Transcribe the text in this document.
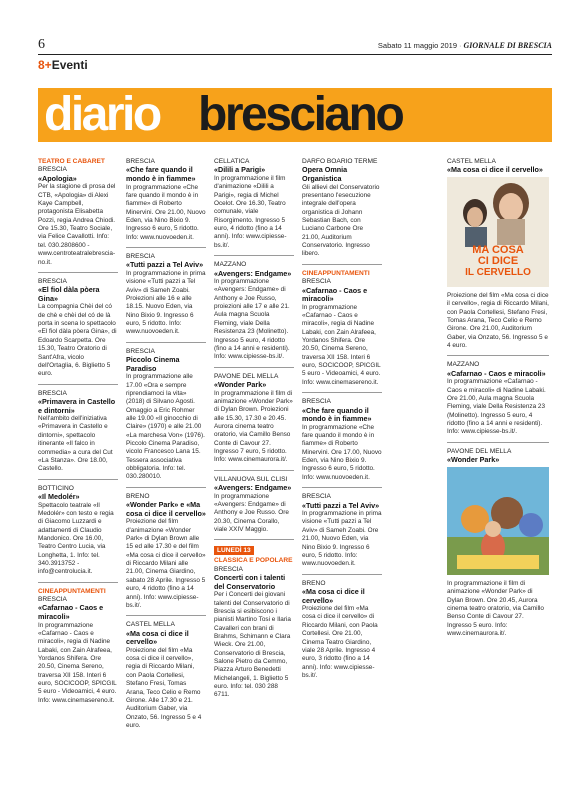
6	Sabato 11 maggio 2019 · GIORNALE DI BRESCIA
8+Eventi
diario bresciano

TEATRO E CABARET

BRESCIA

«Apologia»

Per la stagione di prosa del CTB, «Apologia» di Alexi Kaye Campbell, protagonista Elisabetta Pozzi, regia Andrea Chiodi. Ore 15.30, Teatro Sociale, via Felice Cavallotti. Info: tel. 030.2808600 - www.centroteatralebrescia-no.it.

BRESCIA

«El fiol dàla pòera Gina»

La compagnia Chèi del có de chè e chèi del có de là porta in scena lo spettacolo «El fiol dàla pòera Gina», di Edoardo Scarpetta. Ore 15.30, Teatro Oratorio di Sant'Afra, vicolo dell'Ortaglia, 6. Biglietto 5 euro.

BRESCIA

«Primavera in Castello e dintorni»

Nell'ambito dell'iniziativa «Primavera in Castello e dintorni», spettacolo itinerante «Il falco in commedia» a cura del Cut «La Stanza». Ore 18.00, Castello.

BOTTICINO

«Il Medolér»

Spettacolo teatrale «Il Medolér» con testo e regia di Giacomo Luzzardi e adattamenti di Claudio Mandonico. Ore 16.00, Teatro Centro Lucia, via Longhetta, 1. Info: tel. 340.3913752 - info@centrolucia.it.

CINEAPPUNTAMENTI

BRESCIA

«Cafarnao - Caos e miracoli»

In programmazione «Cafarnao - Caos e miracoli», regia di Nadine Labaki, con Zain Alrafeea, Yordanos Shifera. Ore 20.50, Cinema Sereno, traversa XII 158. Interi 6 euro, SOCICOOP, SPICGIL 5 euro - Videoamici, 4 euro. Info: www.cinemasereno.it.

BRESCIA

«Che fare quando il mondo è in fiamme»

In programmazione «Che fare quando il mondo è in fiamme» di Roberto Minervini. Ore 21.00, Nuovo Eden, via Nino Bixio 9. Ingresso 6 euro, 5 ridotto. Info: www.nuovoeden.it.

BRESCIA

«Tutti pazzi a Tel Aviv»

In programmazione in prima visione «Tutti pazzi a Tel Aviv» di Sameh Zoabi. Proiezioni alle 16 e alle 18.15. Nuovo Eden, via Nino Bixio 9. Ingresso 6 euro, 5 ridotto. Info: www.nuovoeden.it.

BRESCIA

Piccolo Cinema Paradiso

In programmazione alle 17.00 «Ora e sempre riprendiamoci la vita» (2018) di Silvano Agosti. Omaggio a Eric Rohmer alle 19.00 «Il ginocchio di Claire» (1970) e alle 21.00 «La marchesa Von» (1976). Piccolo Cinema Paradiso, vicolo Francesco Lana 15. Tessera associativa obbligatoria. Info: tel. 030.280010.

BRENO

«Wonder Park» e «Ma cosa ci dice il cervello»

Proiezione del film d'animazione «Wonder Park» di Dylan Brown alle 15 ed alle 17.30 e del film «Ma cosa ci dice il cervello» di Riccardo Milani alle 21.00, Cinema Giardino, sabato 28 Aprile. Ingresso 5 euro, 4 ridotto (fino a 14 anni). Info: www.cipiesse-bs.it/.

CASTEL MELLA

«Ma cosa ci dice il cervello»

Proiezione del film «Ma cosa ci dice il cervello», regia di Riccardo Milani, con Paola Cortellesi, Stefano Fresi, Tomas Arana, Teco Celio e Remo Girone. Alle 17.30 e 21. Auditorium Gaber, via Onzato, 56. Ingresso 5 e 4 euro.

CELLATICA

«Dilili a Parigi»

In programmazione il film d'animazione «Dilili a Parigi», regia di Michel Ocelot. Ore 16.30, Teatro comunale, viale Risorgimento. Ingresso 5 euro, 4 ridotto (fino a 14 anni). Info: www.cipiesse-bs.it/.

MAZZANO

«Avengers: Endgame»

In programmazione «Avengers: Endgame» di Anthony e Joe Russo, proiezioni alle 17 e alle 21. Aula magna Scuola Fleming, viale Della Resistenza 23 (Molinetto). Ingresso 5 euro, 4 ridotto (fino a 14 anni e residenti). Info: www.cipiesse-bs.it/.

PAVONE DEL MELLA

«Wonder Park»

In programmazione il film di animazione «Wonder Park» di Dylan Brown. Proiezioni alle 15.30, 17.30 e 20.45. Aurora cinema teatro oratorio, via Camillo Benso Conte di Cavour 27. Ingresso 7 euro, 5 ridotto. Info: www.cinemaurora.it/.

VILLANUOVA SUL CLISI

«Avengers: Endgame»

In programmazione «Avengers: Endgame» di Anthony e Joe Russo. Ore 20.30, Cinema Corallo, viale XXIV Maggio.

LUNEDÌ 13

CLASSICA E POPOLARE

BRESCIA

Concerti con i talenti del Conservatorio

Per i Concerti dei giovani talenti del Conservatorio di Brescia si esibiscono i pianisti Martino Tosi e Ilaria Cavalleri con brani di Brahms, Schimann e Clara Wieck. Ore 21.00, Conservatorio di Brescia, Salone Pietro da Cemmo, Piazza Arturo Benedetti Michelangeli, 1. Biglietto 5 euro. Info: tel. 030 288 6711.

DARFO BOARIO TERME

Opera Omnia Organistica

Gli allievi del Conservatorio presentano l'esecuzione integrale dell'opera organistica di Johann Sebastian Bach, con Luciano Carbone Ore 21.00, Auditorium Conservatorio. Ingresso libero.

CINEAPPUNTAMENTI

BRESCIA

«Cafarnao - Caos e miracoli»

In programmazione «Cafarnao - Caos e miracoli», regia di Nadine Labaki, con Zain Alrafeea, Yordanos Shifera. Ore 20.50, Cinema Sereno, traversa XII 158. Interi 6 euro, SOCICOOP, SPICGIL 5 euro - Videoamici, 4 euro. Info: www.cinemasereno.it.

BRESCIA

«Che fare quando il mondo è in fiamme»

In programmazione «Che fare quando il mondo è in fiamme» di Roberto Minervini. Ore 17.00, Nuovo Eden, via Nino Bixio 9. Ingresso 6 euro, 5 ridotto. Info: www.nuovoeden.it.

BRESCIA

«Tutti pazzi a Tel Aviv»

In programmazione in prima visione «Tutti pazzi a Tel Aviv» di Sameh Zoabi. Ore 21.00, Nuovo Eden, via Nino Bixio 9. Ingresso 6 euro, 5 ridotto. Info: www.nuovoeden.it.

BRENO

«Ma cosa ci dice il cervello»

Proiezione del film «Ma cosa ci dice il cervello» di Riccardo Milani, con Paola Cortellesi. Ore 21.00, Cinema Teatro Giardino, viale 28 Aprile. Ingresso 4 euro, 3 ridotto (fino a 14 anni). Info: www.cipiesse-bs.it/.

CASTEL MELLA

«Ma cosa ci dice il cervello»

MA COSA
CI DICE
IL CERVELLO

Proiezione del film «Ma cosa ci dice il cervello», regia di Riccardo Milani, con Paola Cortellesi, Stefano Fresi, Tomas Arana, Teco Celio e Remo Girone. Ore 21.00, Auditorium Gaber, via Onzato, 56. Ingresso 5 e 4 euro.

MAZZANO

«Cafarnao - Caos e miracoli»

In programmazione «Cafarnao - Caos e miracoli» di Nadine Labaki. Ore 21.00, Aula magna Scuola Fleming, viale Della Resistenza 23 (Molinetto). Ingresso 5 euro, 4 ridotto (fino a 14 anni e residenti). Info: www.cipiesse-bs.it/.

PAVONE DEL MELLA

«Wonder Park»

In programmazione il film di animazione «Wonder Park» di Dylan Brown. Ore 20.45, Aurora cinema teatro oratorio, via Camillo Benso Conte di Cavour 27. Ingresso 5 euro. Info: www.cinemaurora.it/.
